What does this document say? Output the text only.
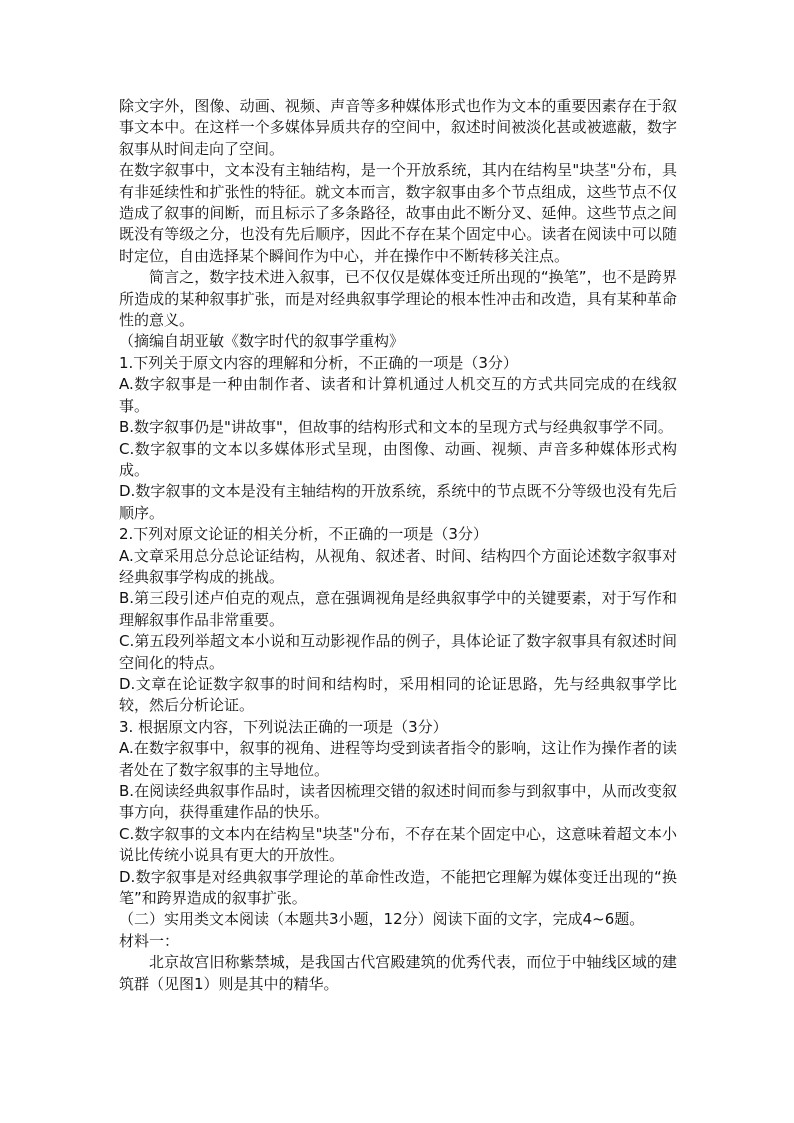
除文字外，图像、动画、视频、声音等多种媒体形式也作为文本的重要因素存在于叙事文本中。在这样一个多媒体异质共存的空间中，叙述时间被淡化甚或被遮蔽，数字叙事从时间走向了空间。

在数字叙事中，文本没有主轴结构，是一个开放系统，其内在结构呈"块茎"分布，具有非延续性和扩张性的特征。就文本而言，数字叙事由多个节点组成，这些节点不仅造成了叙事的间断，而且标示了多条路径，故事由此不断分叉、延伸。这些节点之间既没有等级之分，也没有先后顺序，因此不存在某个固定中心。读者在阅读中可以随时定位，自由选择某个瞬间作为中心，并在操作中不断转移关注点。

简言之，数字技术进入叙事，已不仅仅是媒体变迁所出现的“换笔”，也不是跨界所造成的某种叙事扩张，而是对经典叙事学理论的根本性冲击和改造，具有某种革命性的意义。

（摘编自胡亚敏《数字时代的叙事学重构》

1.下列关于原文内容的理解和分析，不正确的一项是（3分）

A.数字叙事是一种由制作者、读者和计算机通过人机交互的方式共同完成的在线叙事。

B.数字叙事仍是"讲故事"，但故事的结构形式和文本的呈现方式与经典叙事学不同。

C.数字叙事的文本以多媒体形式呈现，由图像、动画、视频、声音多种媒体形式构成。

D.数字叙事的文本是没有主轴结构的开放系统，系统中的节点既不分等级也没有先后顺序。

2.下列对原文论证的相关分析，不正确的一项是（3分）

A.文章采用总分总论证结构，从视角、叙述者、时间、结构四个方面论述数字叙事对经典叙事学构成的挑战。

B.第三段引述卢伯克的观点，意在强调视角是经典叙事学中的关键要素，对于写作和理解叙事作品非常重要。

C.第五段列举超文本小说和互动影视作品的例子，具体论证了数字叙事具有叙述时间空间化的特点。

D.文章在论证数字叙事的时间和结构时，采用相同的论证思路，先与经典叙事学比较，然后分析论证。

3. 根据原文内容，下列说法正确的一项是（3分）

A.在数字叙事中，叙事的视角、进程等均受到读者指令的影响，这让作为操作者的读者处在了数字叙事的主导地位。

B.在阅读经典叙事作品时，读者因梳理交错的叙述时间而参与到叙事中，从而改变叙事方向，获得重建作品的快乐。

C.数字叙事的文本内在结构呈"块茎"分布，不存在某个固定中心，这意味着超文本小说比传统小说具有更大的开放性。

D.数字叙事是对经典叙事学理论的革命性改造，不能把它理解为媒体变迁出现的“换笔”和跨界造成的叙事扩张。

（二）实用类文本阅读（本题共3小题，12分）阅读下面的文字，完成4~6题。

材料一：

北京故宫旧称紫禁城，是我国古代宫殿建筑的优秀代表，而位于中轴线区域的建筑群（见图1）则是其中的精华。
